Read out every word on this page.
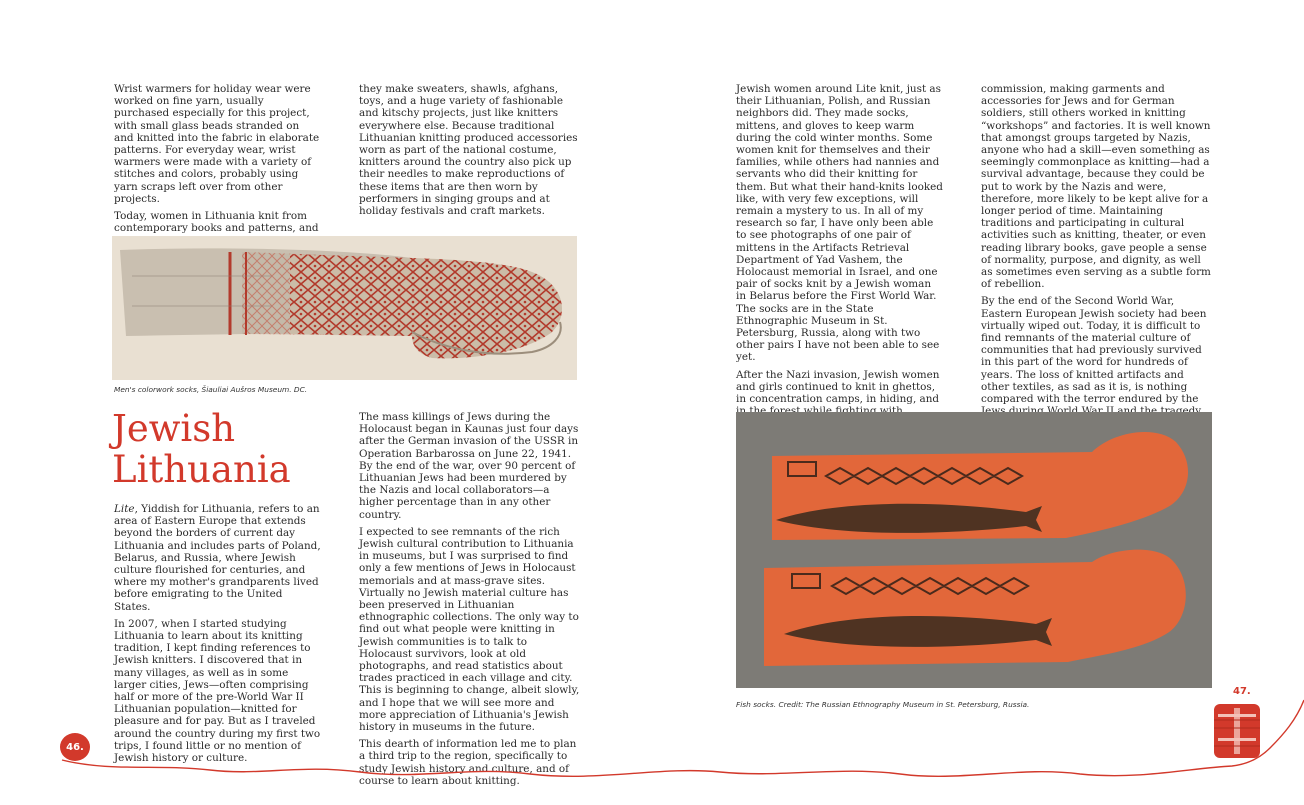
Wrist warmers for holiday wear were worked on fine yarn, usually purchased especially for this project, with small glass beads stranded on and knitted into the fabric in elaborate patterns. For everyday wear, wrist warmers were made with a variety of stitches and colors, probably using yarn scraps left over from other projects.

Today, women in Lithuania knit from contemporary books and patterns, and

they make sweaters, shawls, afghans, toys, and a huge variety of fashionable and kitschy projects, just like knitters everywhere else. Because traditional Lithuanian knitting produced accessories worn as part of the national costume, knitters around the country also pick up their needles to make reproductions of these items that are then worn by performers in singing groups and at holiday festivals and craft markets.

Men's colorwork socks, Šiauliai Aušros Museum. DC.
Jewish
Lithuania

Lite, Yiddish for Lithuania, refers to an area of Eastern Europe that extends beyond the borders of current day Lithuania and includes parts of Poland, Belarus, and Russia, where Jewish culture flourished for centuries, and where my mother's grandparents lived before emigrating to the United States.

In 2007, when I started studying Lithuania to learn about its knitting tradition, I kept finding references to Jewish knitters. I discovered that in many villages, as well as in some larger cities, Jews—often comprising half or more of the pre-World War II Lithuanian population—knitted for pleasure and for pay. But as I traveled around the country during my first two trips, I found little or no mention of Jewish history or culture.

The mass killings of Jews during the Holocaust began in Kaunas just four days after the German invasion of the USSR in Operation Barbarossa on June 22, 1941. By the end of the war, over 90 percent of Lithuanian Jews had been murdered by the Nazis and local collaborators—a higher percentage than in any other country.

I expected to see remnants of the rich Jewish cultural contribution to Lithuania in museums, but I was surprised to find only a few mentions of Jews in Holocaust memorials and at mass-grave sites. Virtually no Jewish material culture has been preserved in Lithuanian ethnographic collections. The only way to find out what people were knitting in Jewish communities is to talk to Holocaust survivors, look at old photographs, and read statistics about trades practiced in each village and city. This is beginning to change, albeit slowly, and I hope that we will see more and more appreciation of Lithuania's Jewish history in museums in the future.

This dearth of information led me to plan a third trip to the region, specifically to study Jewish history and culture, and of course to learn about knitting.

46.

Jewish women around Lite knit, just as their Lithuanian, Polish, and Russian neighbors did. They made socks, mittens, and gloves to keep warm during the cold winter months. Some women knit for themselves and their families, while others had nannies and servants who did their knitting for them. But what their hand-knits looked like, with very few exceptions, will remain a mystery to us. In all of my research so far, I have only been able to see photographs of one pair of mittens in the Artifacts Retrieval Department of Yad Vashem, the Holocaust memorial in Israel, and one pair of socks knit by a Jewish woman in Belarus before the First World War. The socks are in the State Ethnographic Museum in St. Petersburg, Russia, along with two other pairs I have not been able to see yet.

After the Nazi invasion, Jewish women and girls continued to knit in ghettos, in concentration camps, in hiding, and

commission, making garments and accessories for Jews and for German soldiers, still others worked in knitting “workshops” and factories. It is well known that amongst groups targeted by Nazis, anyone who had a skill—even something as seemingly commonplace as knitting—had a survival advantage, because they could be put to work by the Nazis and were, therefore, more likely to be kept alive for a longer period of time. Maintaining traditions and participating in cultural activities such as knitting, theater, or even reading library books, gave people a sense of normality, purpose, and dignity, as well as sometimes even serving as a subtle form of rebellion.

By the end of the Second World War, Eastern European Jewish society had been virtually wiped out. Today, it is difficult to find remnants of the material culture of communities that had previously survived in this part of the word for hundreds of years. The loss of knitted artifacts and other textiles, as sad as it is, is nothing compared with the terror endured by the

Fish socks. Credit: The Russian Ethnography Museum in St. Petersburg, Russia.
47.
